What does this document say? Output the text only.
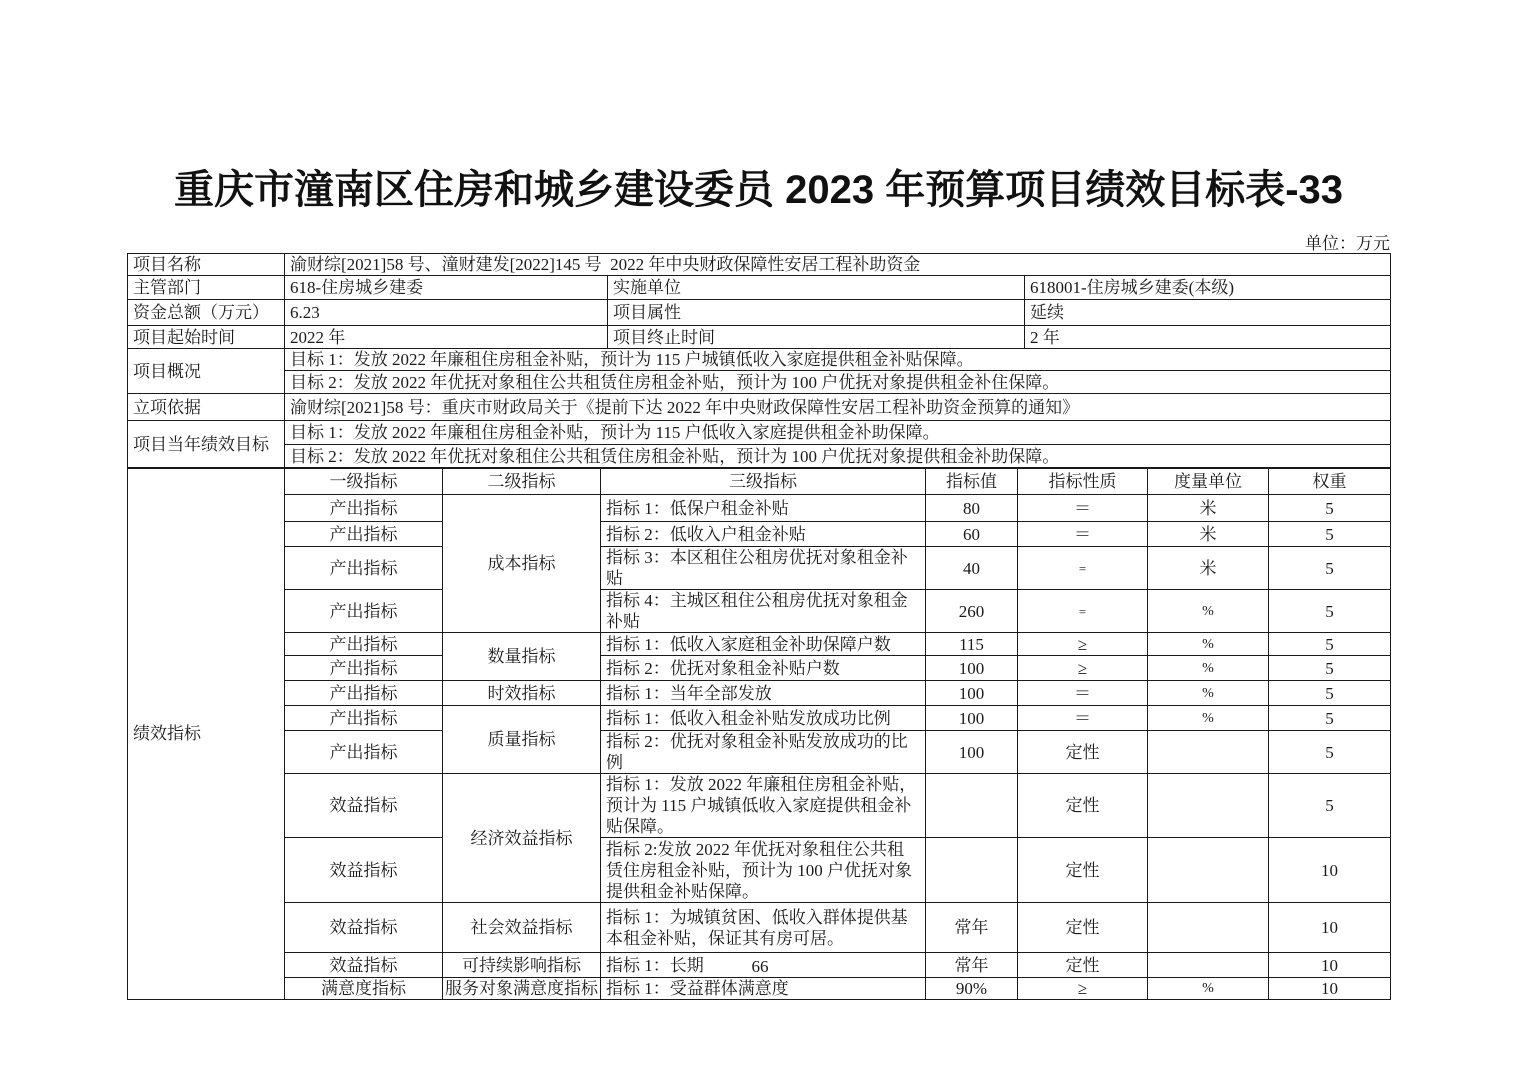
重庆市潼南区住房和城乡建设委员 2023 年预算项目绩效目标表-33
单位：万元
项目名称	渝财综[2021]58 号、潼财建发[2022]145 号  2022 年中央财政保障性安居工程补助资金		
主管部门	618-住房城乡建委	实施单位	618001-住房城乡建委(本级)
资金总额（万元）	6.23	项目属性	延续
项目起始时间	2022 年	项目终止时间	2 年
项目概况	目标 1：发放 2022 年廉租住房租金补贴，预计为 115 户城镇低收入家庭提供租金补贴保障。		
	目标 2：发放 2022 年优抚对象租住公共租赁住房租金补贴，预计为 100 户优抚对象提供租金补住保障。		
立项依据	渝财综[2021]58 号：重庆市财政局关于《提前下达 2022 年中央财政保障性安居工程补助资金预算的通知》		
项目当年绩效目标	目标 1：发放 2022 年廉租住房租金补贴，预计为 115 户低收入家庭提供租金补助保障。		
	目标 2：发放 2022 年优抚对象租住公共租赁住房租金补贴，预计为 100 户优抚对象提供租金补助保障。		
绩效指标	一级指标	二级指标	三级指标	指标值	指标性质	度量单位	权重
	产出指标	成本指标	指标 1：低保户租金补贴	80	＝	米	5
	产出指标		指标 2：低收入户租金补贴	60	＝	米	5
	产出指标		指标 3：本区租住公租房优抚对象租金补贴	40	=	米	5
	产出指标		指标 4：主城区租住公租房优抚对象租金补贴	260	=	%	5
	产出指标	数量指标	指标 1：低收入家庭租金补助保障户数	115	≥	%	5
	产出指标		指标 2：优抚对象租金补贴户数	100	≥	%	5
	产出指标	时效指标	指标 1：当年全部发放	100	＝	%	5
	产出指标	质量指标	指标 1：低收入租金补贴发放成功比例	100	＝	%	5
	产出指标		指标 2：优抚对象租金补贴发放成功的比例	100	定性		5
	效益指标	经济效益指标	指标 1：发放 2022 年廉租住房租金补贴，预计为 115 户城镇低收入家庭提供租金补贴保障。		定性		5
	效益指标		指标 2:发放 2022 年优抚对象租住公共租赁住房租金补贴，预计为 100 户优抚对象提供租金补贴保障。		定性		10
	效益指标	社会效益指标	指标 1：为城镇贫困、低收入群体提供基本租金补贴，保证其有房可居。	常年	定性		10
	效益指标	可持续影响指标	指标 1：长期	常年	定性		10
	满意度指标	服务对象满意度指标	指标 1：受益群体满意度	90%	≥	%	10
66
